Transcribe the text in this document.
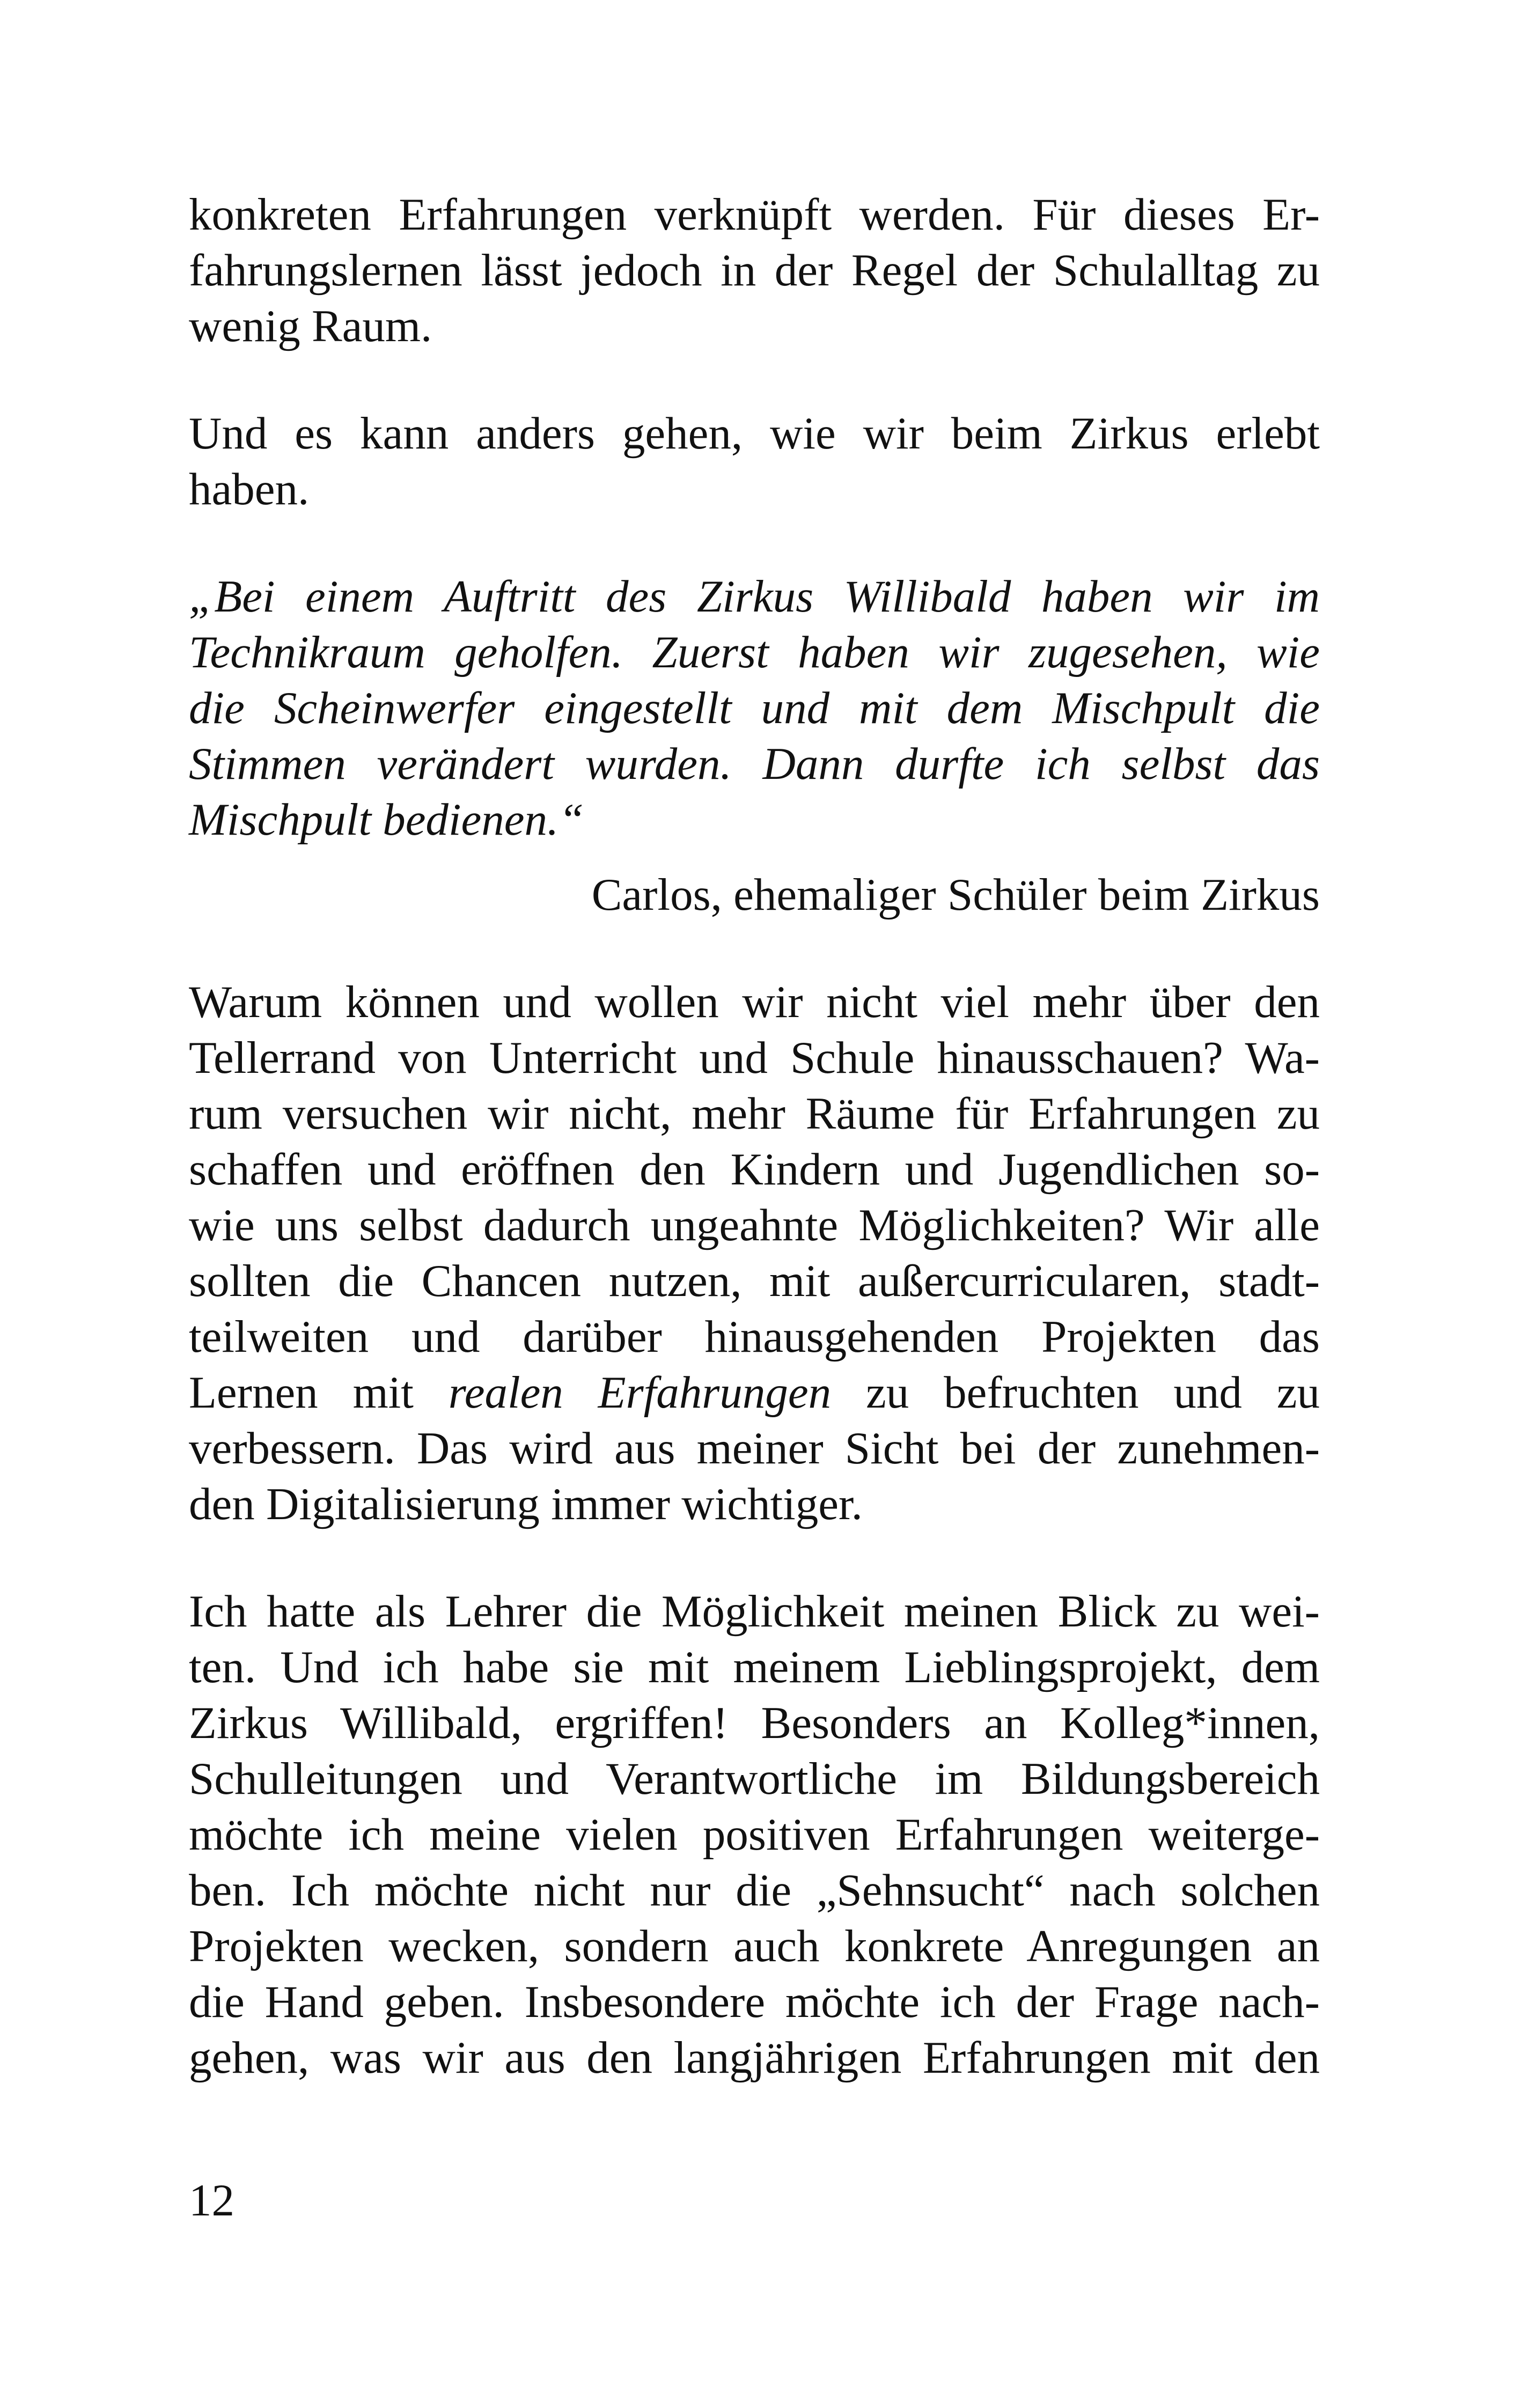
konkreten Erfahrungen verknüpft werden. Für dieses Er-
fahrungslernen lässt jedoch in der Regel der Schulalltag zu
wenig Raum.
Und es kann anders gehen, wie wir beim Zirkus erlebt
haben.
„Bei einem Auftritt des Zirkus Willibald haben wir im
Technikraum geholfen. Zuerst haben wir zugesehen, wie
die Scheinwerfer eingestellt und mit dem Mischpult die
Stimmen verändert wurden. Dann durfte ich selbst das
Mischpult bedienen.“
Carlos, ehemaliger Schüler beim Zirkus
Warum können und wollen wir nicht viel mehr über den
Tellerrand von Unterricht und Schule hinausschauen? Wa-
rum versuchen wir nicht, mehr Räume für Erfahrungen zu
schaffen und eröffnen den Kindern und Jugendlichen so-
wie uns selbst dadurch ungeahnte Möglichkeiten? Wir alle
sollten die Chancen nutzen, mit außercurricularen, stadt-
teilweiten und darüber hinausgehenden Projekten das
Lernen mit realen Erfahrungen zu befruchten und zu
verbessern. Das wird aus meiner Sicht bei der zunehmen-
den Digitalisierung immer wichtiger.
Ich hatte als Lehrer die Möglichkeit meinen Blick zu wei-
ten. Und ich habe sie mit meinem Lieblingsprojekt, dem
Zirkus Willibald, ergriffen! Besonders an Kolleg*innen,
Schulleitungen und Verantwortliche im Bildungsbereich
möchte ich meine vielen positiven Erfahrungen weiterge-
ben. Ich möchte nicht nur die „Sehnsucht“ nach solchen
Projekten wecken, sondern auch konkrete Anregungen an
die Hand geben. Insbesondere möchte ich der Frage nach-
gehen, was wir aus den langjährigen Erfahrungen mit den
12
